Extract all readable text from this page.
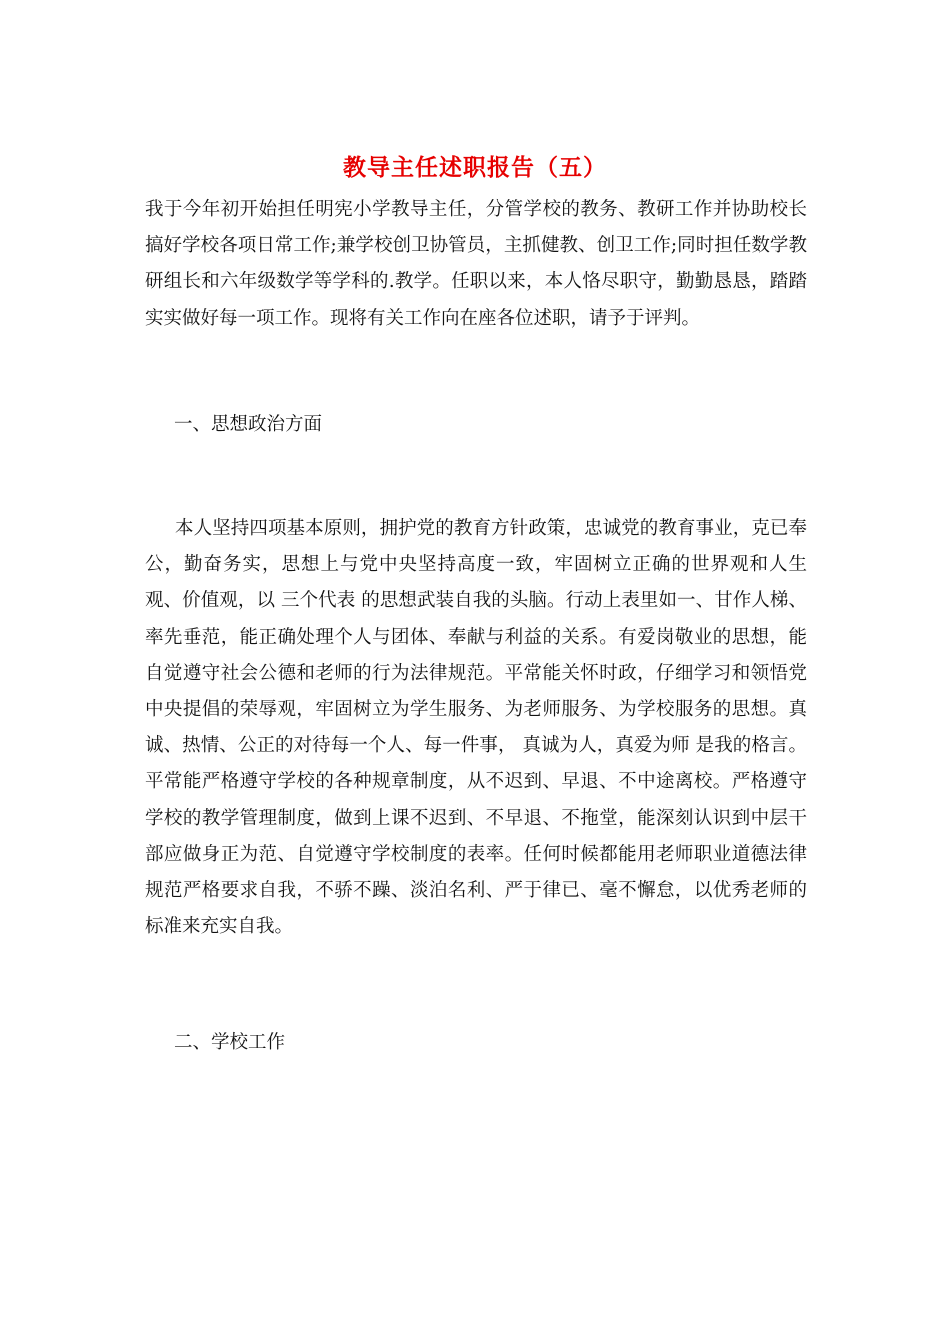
教导主任述职报告（五）

我于今年初开始担任明宪小学教导主任，分管学校的教务、教研工作并协助校长搞好学校各项日常工作;兼学校创卫协管员，主抓健教、创卫工作;同时担任数学教研组长和六年级数学等学科的.教学。任职以来，本人恪尽职守，勤勤恳恳，踏踏实实做好每一项工作。现将有关工作向在座各位述职，请予于评判。

一、思想政治方面

本人坚持四项基本原则，拥护党的教育方针政策，忠诚党的教育事业，克已奉公，勤奋务实，思想上与党中央坚持高度一致，牢固树立正确的世界观和人生观、价值观，以 三个代表 的思想武装自我的头脑。行动上表里如一、甘作人梯、率先垂范，能正确处理个人与团体、奉献与利益的关系。有爱岗敬业的思想，能自觉遵守社会公德和老师的行为法律规范。平常能关怀时政，仔细学习和领悟党中央提倡的荣辱观，牢固树立为学生服务、为老师服务、为学校服务的思想。真诚、热情、公正的对待每一个人、每一件事， 真诚为人，真爱为师 是我的格言。平常能严格遵守学校的各种规章制度，从不迟到、早退、不中途离校。严格遵守学校的教学管理制度，做到上课不迟到、不早退、不拖堂，能深刻认识到中层干部应做身正为范、自觉遵守学校制度的表率。任何时候都能用老师职业道德法律规范严格要求自我，不骄不躁、淡泊名利、严于律已、毫不懈怠，以优秀老师的标准来充实自我。

二、学校工作
